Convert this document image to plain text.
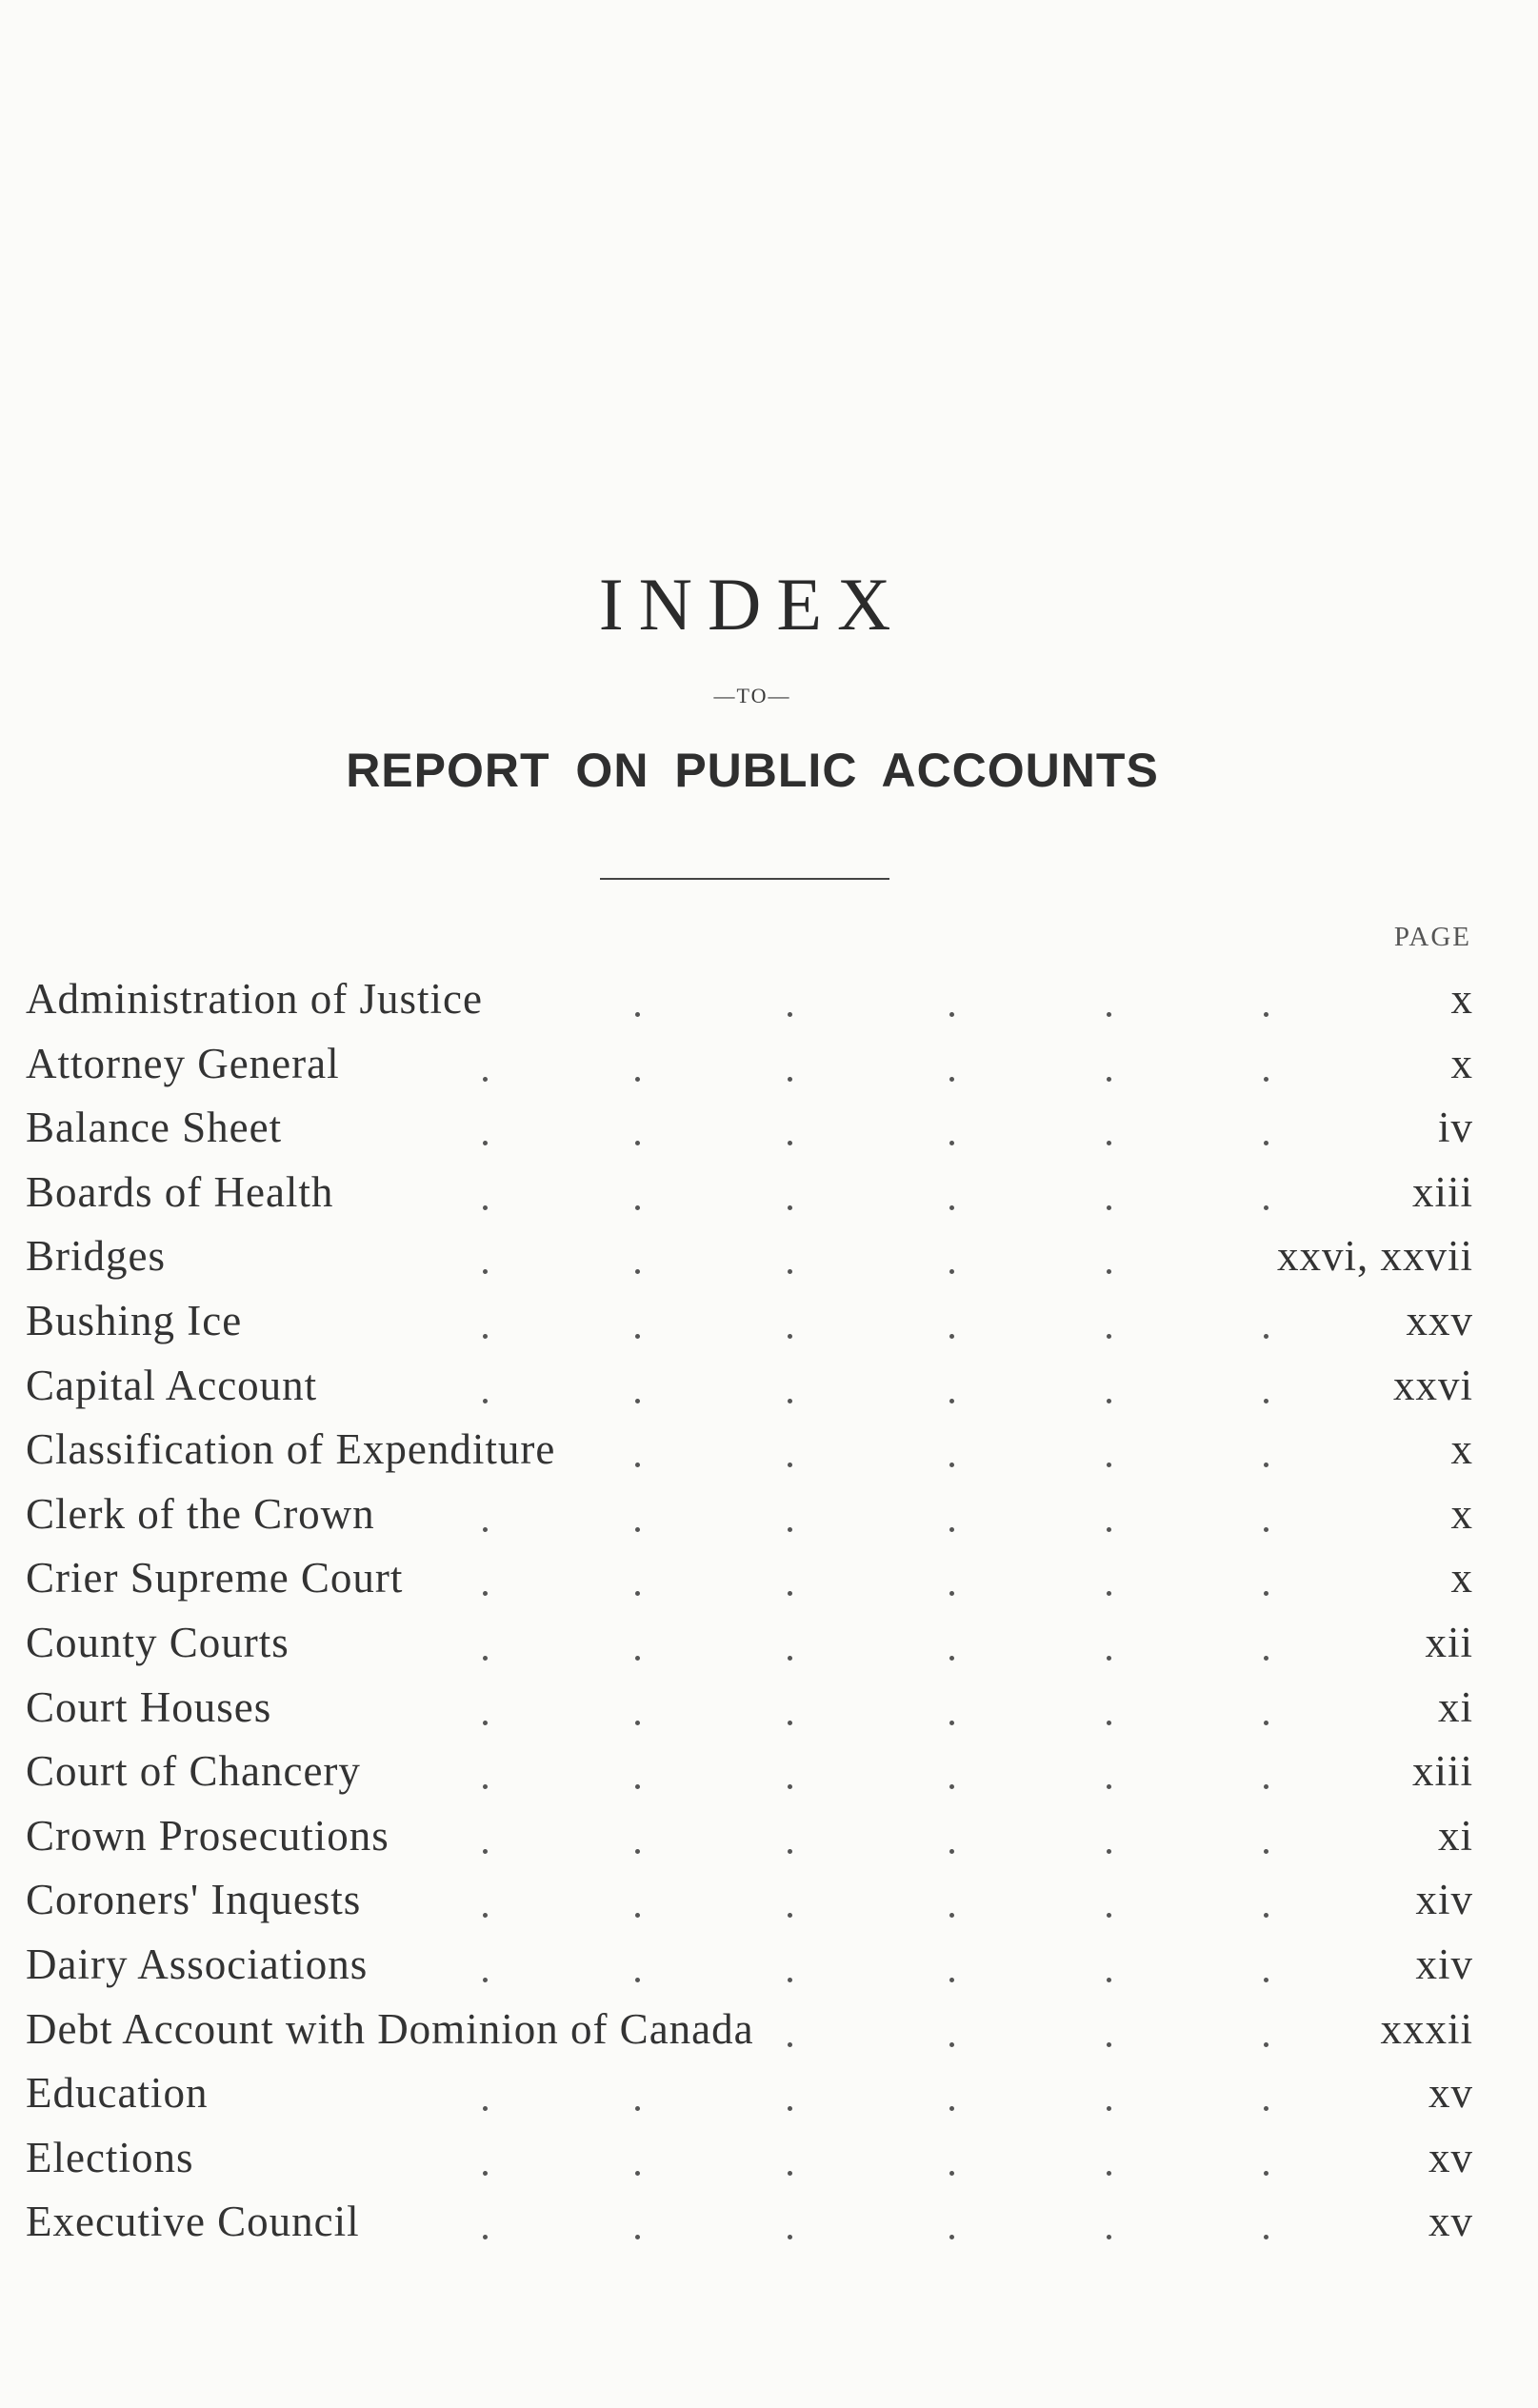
INDEX
—TO—
REPORT ON PUBLIC ACCOUNTS
PAGE
Administration of Justice	x
Attorney General	x
Balance Sheet	iv
Boards of Health	xiii
Bridges	xxvi, xxvii
Bushing Ice	xxv
Capital Account	xxvi
Classification of Expenditure	x
Clerk of the Crown	x
Crier Supreme Court	x
County Courts	xii
Court Houses	xi
Court of Chancery	xiii
Crown Prosecutions	xi
Coroners' Inquests	xiv
Dairy Associations	xiv
Debt Account with Dominion of Canada	xxxii
Education	xv
Elections	xv
Executive Council	xv
